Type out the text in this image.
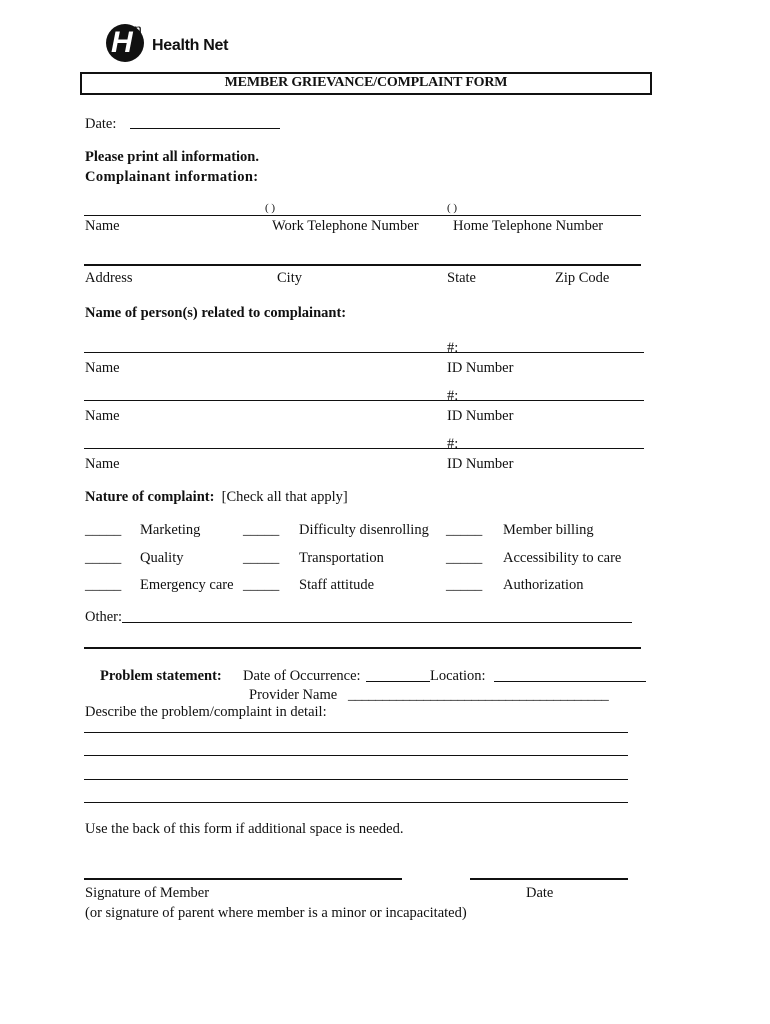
H n
Health Net
MEMBER GRIEVANCE/COMPLAINT FORM
Date:
Please print all information.
Complainant information:
( )	( )
Name	Work Telephone Number Home Telephone Number
Address	City	State	Zip Code
Name of person(s) related to complainant:
#:
Name	ID Number
#:
Name	ID Number
#:
Name	ID Number
Nature of complaint: [Check all that apply]
_____ Marketing	_____ Difficulty disenrolling _____ Member billing
_____ Quality	_____ Transportation	_____ Accessibility to care
_____ Emergency care _____ Staff attitude	_____ Authorization
Other:
Problem statement: Date of Occurrence:	Location:
Provider Name ______________________________________
Describe the problem/complaint in detail:
Use the back of this form if additional space is needed.
Signature of Member	Date
(or signature of parent where member is a minor or incapacitated)
